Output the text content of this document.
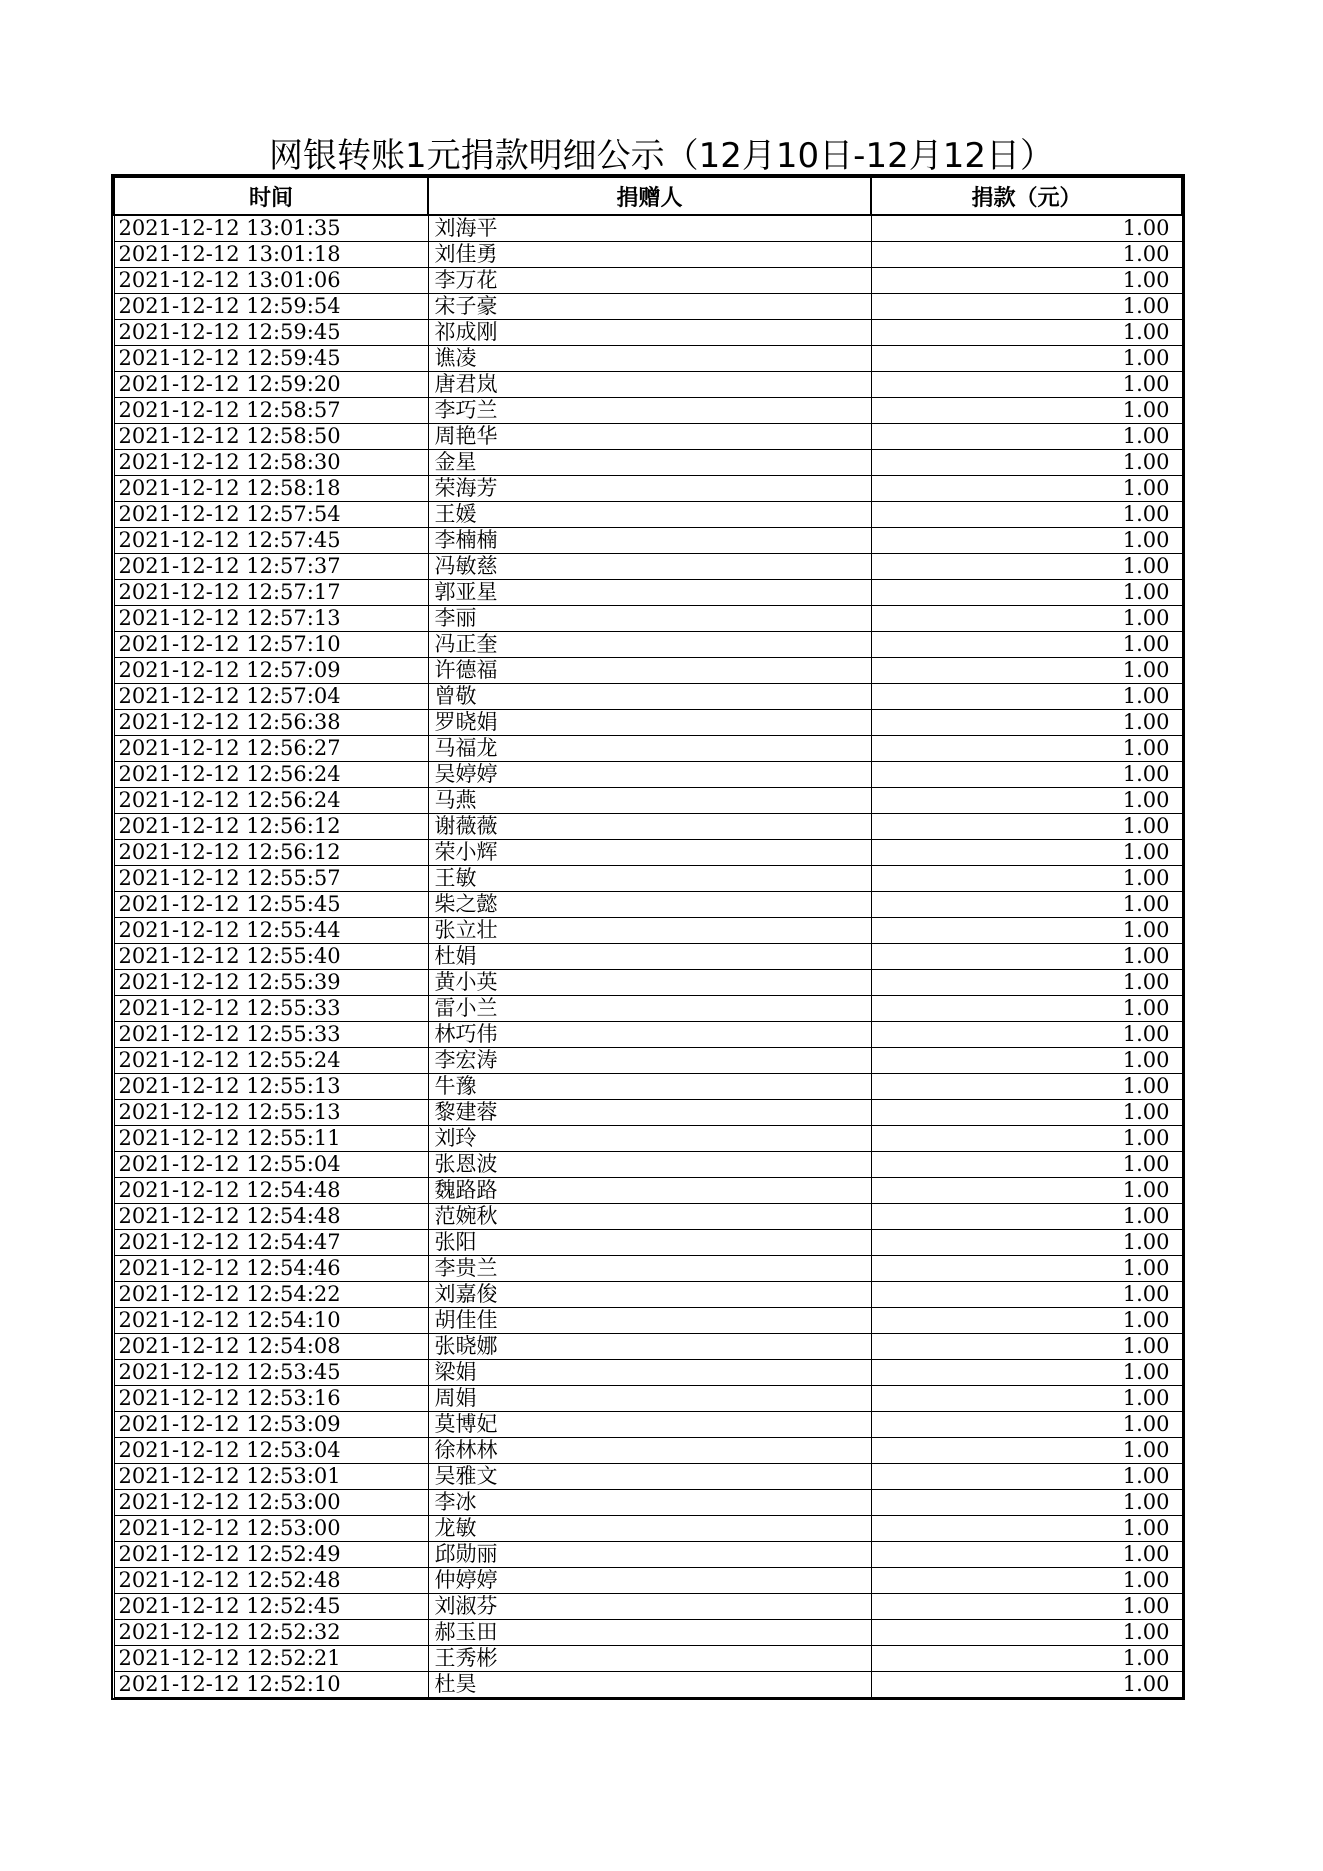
网银转账1元捐款明细公示（12月10日-12月12日）
时间	捐赠人	捐款（元）
2021-12-12 13:01:35	刘海平	1.00
2021-12-12 13:01:18	刘佳勇	1.00
2021-12-12 13:01:06	李万花	1.00
2021-12-12 12:59:54	宋子豪	1.00
2021-12-12 12:59:45	祁成刚	1.00
2021-12-12 12:59:45	谯凌	1.00
2021-12-12 12:59:20	唐君岚	1.00
2021-12-12 12:58:57	李巧兰	1.00
2021-12-12 12:58:50	周艳华	1.00
2021-12-12 12:58:30	金星	1.00
2021-12-12 12:58:18	荣海芳	1.00
2021-12-12 12:57:54	王媛	1.00
2021-12-12 12:57:45	李楠楠	1.00
2021-12-12 12:57:37	冯敏慈	1.00
2021-12-12 12:57:17	郭亚星	1.00
2021-12-12 12:57:13	李丽	1.00
2021-12-12 12:57:10	冯正奎	1.00
2021-12-12 12:57:09	许德福	1.00
2021-12-12 12:57:04	曾敬	1.00
2021-12-12 12:56:38	罗晓娟	1.00
2021-12-12 12:56:27	马福龙	1.00
2021-12-12 12:56:24	吴婷婷	1.00
2021-12-12 12:56:24	马燕	1.00
2021-12-12 12:56:12	谢薇薇	1.00
2021-12-12 12:56:12	荣小辉	1.00
2021-12-12 12:55:57	王敏	1.00
2021-12-12 12:55:45	柴之懿	1.00
2021-12-12 12:55:44	张立壮	1.00
2021-12-12 12:55:40	杜娟	1.00
2021-12-12 12:55:39	黄小英	1.00
2021-12-12 12:55:33	雷小兰	1.00
2021-12-12 12:55:33	林巧伟	1.00
2021-12-12 12:55:24	李宏涛	1.00
2021-12-12 12:55:13	牛豫	1.00
2021-12-12 12:55:13	黎建蓉	1.00
2021-12-12 12:55:11	刘玲	1.00
2021-12-12 12:55:04	张恩波	1.00
2021-12-12 12:54:48	魏路路	1.00
2021-12-12 12:54:48	范婉秋	1.00
2021-12-12 12:54:47	张阳	1.00
2021-12-12 12:54:46	李贵兰	1.00
2021-12-12 12:54:22	刘嘉俊	1.00
2021-12-12 12:54:10	胡佳佳	1.00
2021-12-12 12:54:08	张晓娜	1.00
2021-12-12 12:53:45	梁娟	1.00
2021-12-12 12:53:16	周娟	1.00
2021-12-12 12:53:09	莫博妃	1.00
2021-12-12 12:53:04	徐林林	1.00
2021-12-12 12:53:01	吴雅文	1.00
2021-12-12 12:53:00	李冰	1.00
2021-12-12 12:53:00	龙敏	1.00
2021-12-12 12:52:49	邱勋丽	1.00
2021-12-12 12:52:48	仲婷婷	1.00
2021-12-12 12:52:45	刘淑芬	1.00
2021-12-12 12:52:32	郝玉田	1.00
2021-12-12 12:52:21	王秀彬	1.00
2021-12-12 12:52:10	杜昊	1.00
